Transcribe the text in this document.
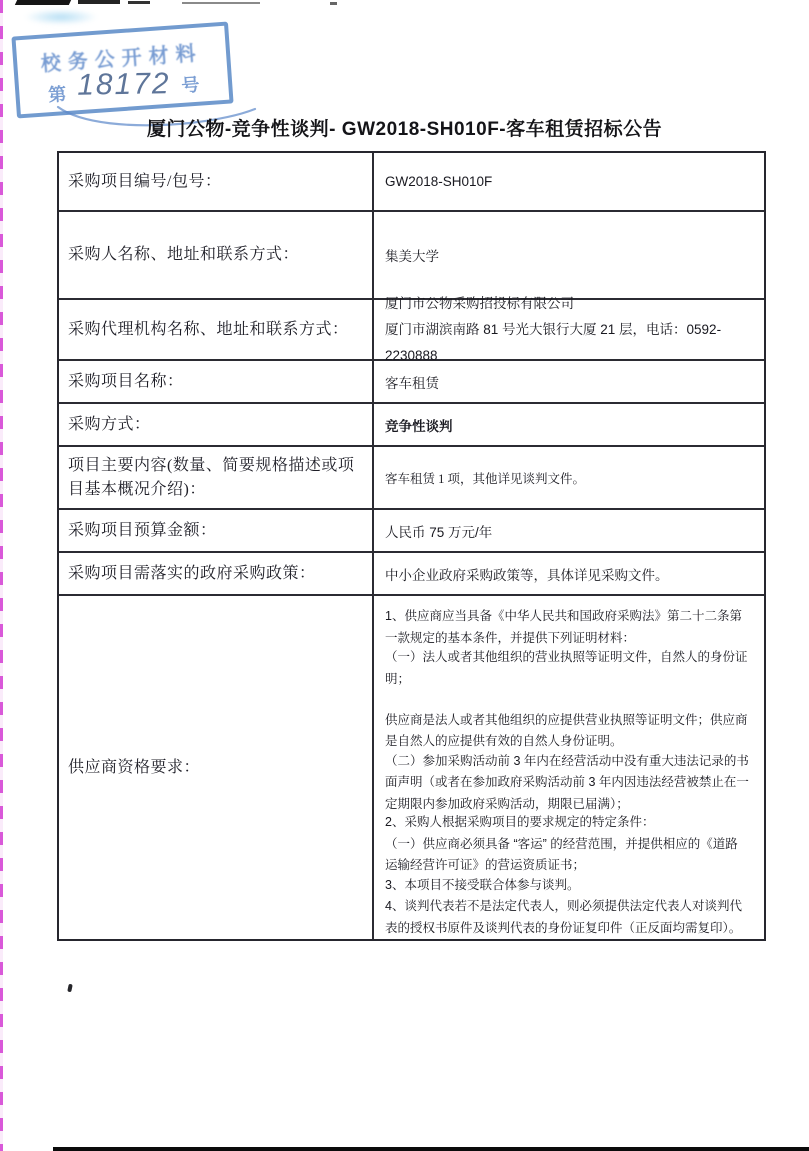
校务公开材料
第 18172 号
厦门公物-竞争性谈判- GW2018-SH010F-客车租赁招标公告
采购项目编号/包号：	GW2018-SH010F
采购人名称、地址和联系方式：	集美大学
采购代理机构名称、地址和联系方式：
厦门市公物采购招投标有限公司
厦门市湖滨南路 81 号光大银行大厦 21 层，电话：0592-2230888
采购项目名称：	客车租赁
采购方式：	竞争性谈判
项目主要内容(数量、简要规格描述或项目基本概况介绍)：
客车租赁 1 项，其他详见谈判文件。
采购项目预算金额：	人民币 75 万元/年
采购项目需落实的政府采购政策：	中小企业政府采购政策等，具体详见采购文件。
供应商资格要求：

1、供应商应当具备《中华人民共和国政府采购法》第二十二条第一款规定的基本条件，并提供下列证明材料：

（一）法人或者其他组织的营业执照等证明文件，自然人的身份证明；

供应商是法人或者其他组织的应提供营业执照等证明文件；供应商是自然人的应提供有效的自然人身份证明。

（二）参加采购活动前 3 年内在经营活动中没有重大违法记录的书面声明（或者在参加政府采购活动前 3 年内因违法经营被禁止在一定期限内参加政府采购活动，期限已届满）；

2、采购人根据采购项目的要求规定的特定条件：

（一）供应商必须具备 “客运” 的经营范围，并提供相应的《道路运输经营许可证》的营运资质证书；

3、本项目不接受联合体参与谈判。

4、谈判代表若不是法定代表人，则必须提供法定代表人对谈判代表的授权书原件及谈判代表的身份证复印件（正反面均需复印）。
